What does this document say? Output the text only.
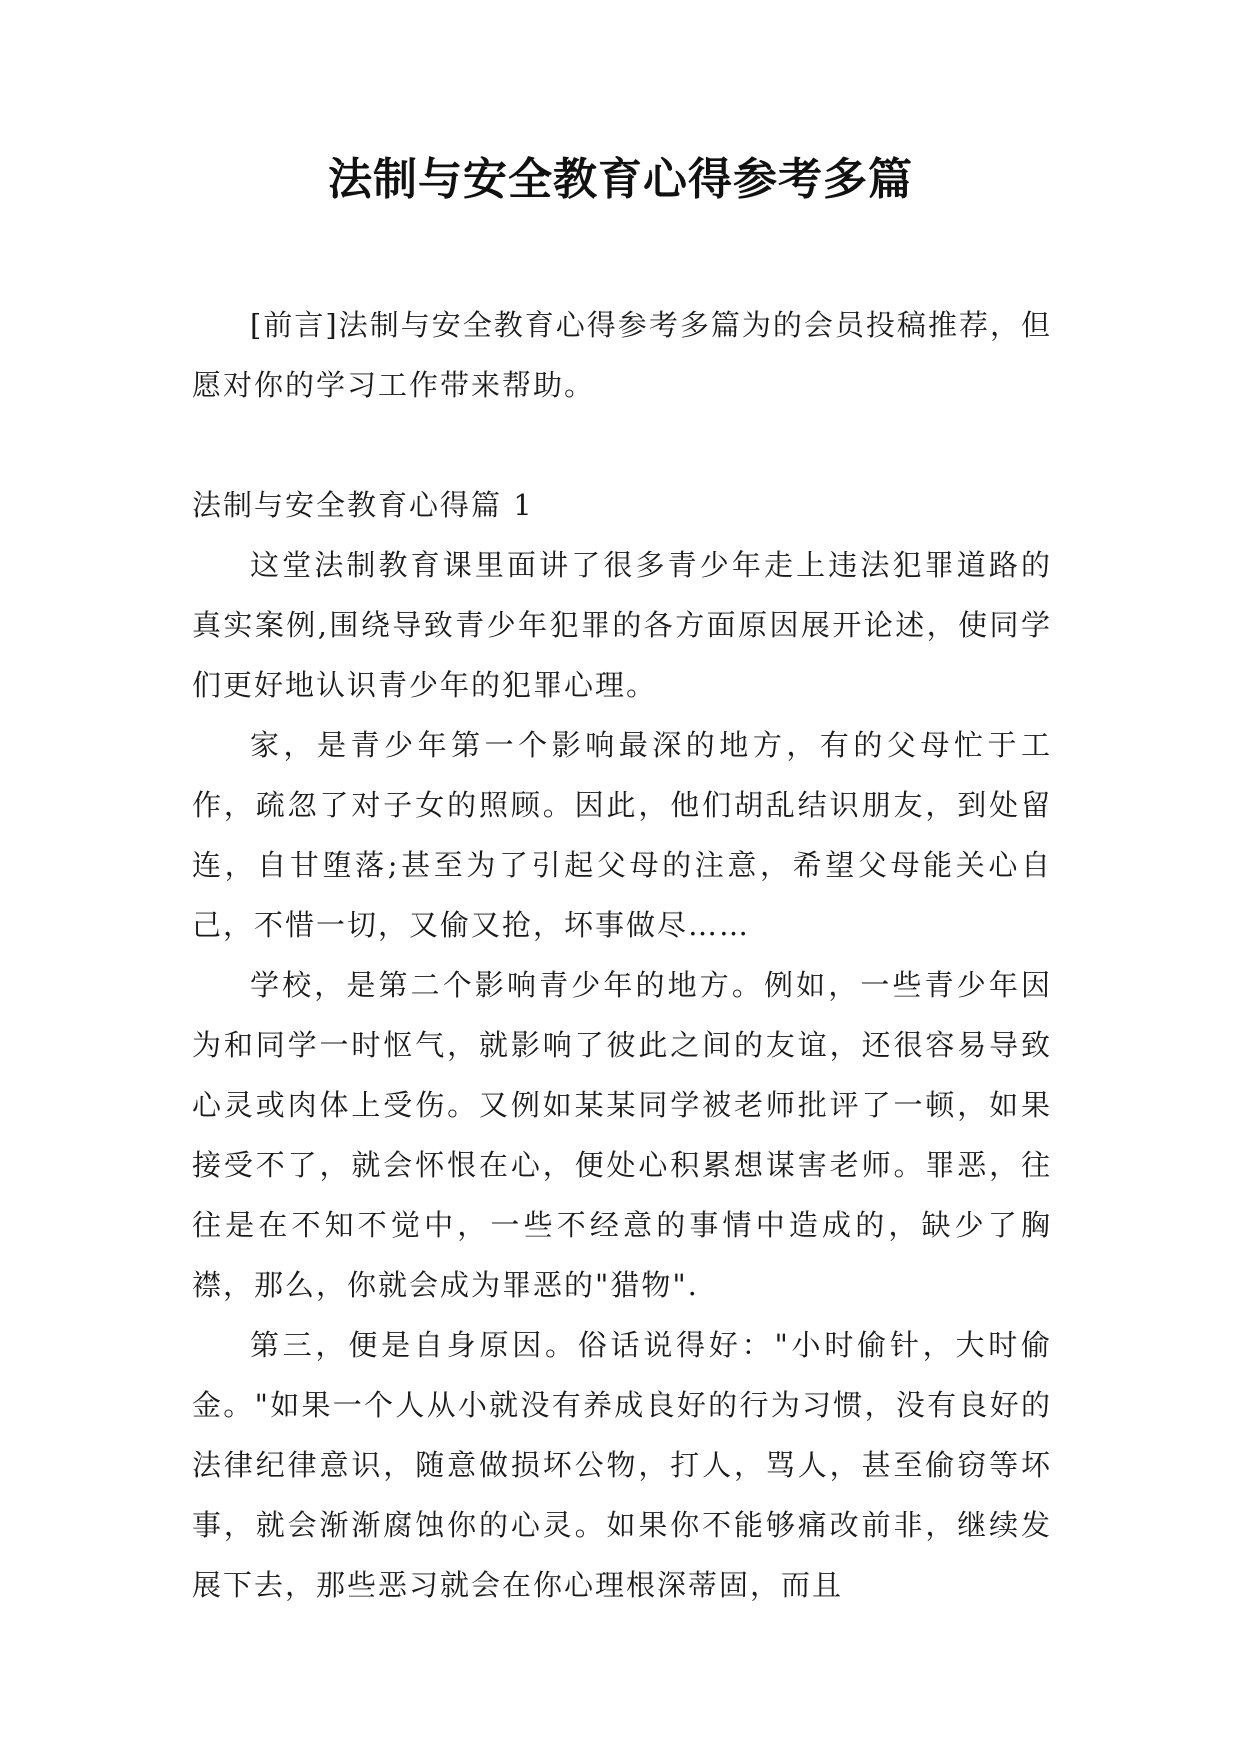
法制与安全教育心得参考多篇

[前言]法制与安全教育心得参考多篇为的会员投稿推荐，但愿对你的学习工作带来帮助。

法制与安全教育心得篇 1

这堂法制教育课里面讲了很多青少年走上违法犯罪道路的真实案例,围绕导致青少年犯罪的各方面原因展开论述，使同学们更好地认识青少年的犯罪心理。

家，是青少年第一个影响最深的地方，有的父母忙于工作，疏忽了对子女的照顾。因此，他们胡乱结识朋友，到处留连，自甘堕落;甚至为了引起父母的注意，希望父母能关心自己，不惜一切，又偷又抢，坏事做尽……

学校，是第二个影响青少年的地方。例如，一些青少年因为和同学一时怄气，就影响了彼此之间的友谊，还很容易导致心灵或肉体上受伤。又例如某某同学被老师批评了一顿，如果接受不了，就会怀恨在心，便处心积累想谋害老师。罪恶，往往是在不知不觉中，一些不经意的事情中造成的，缺少了胸襟，那么，你就会成为罪恶的"猎物".

第三，便是自身原因。俗话说得好："小时偷针，大时偷金。"如果一个人从小就没有养成良好的行为习惯，没有良好的法律纪律意识，随意做损坏公物，打人，骂人，甚至偷窃等坏事，就会渐渐腐蚀你的心灵。如果你不能够痛改前非，继续发展下去，那些恶习就会在你心理根深蒂固，而且
